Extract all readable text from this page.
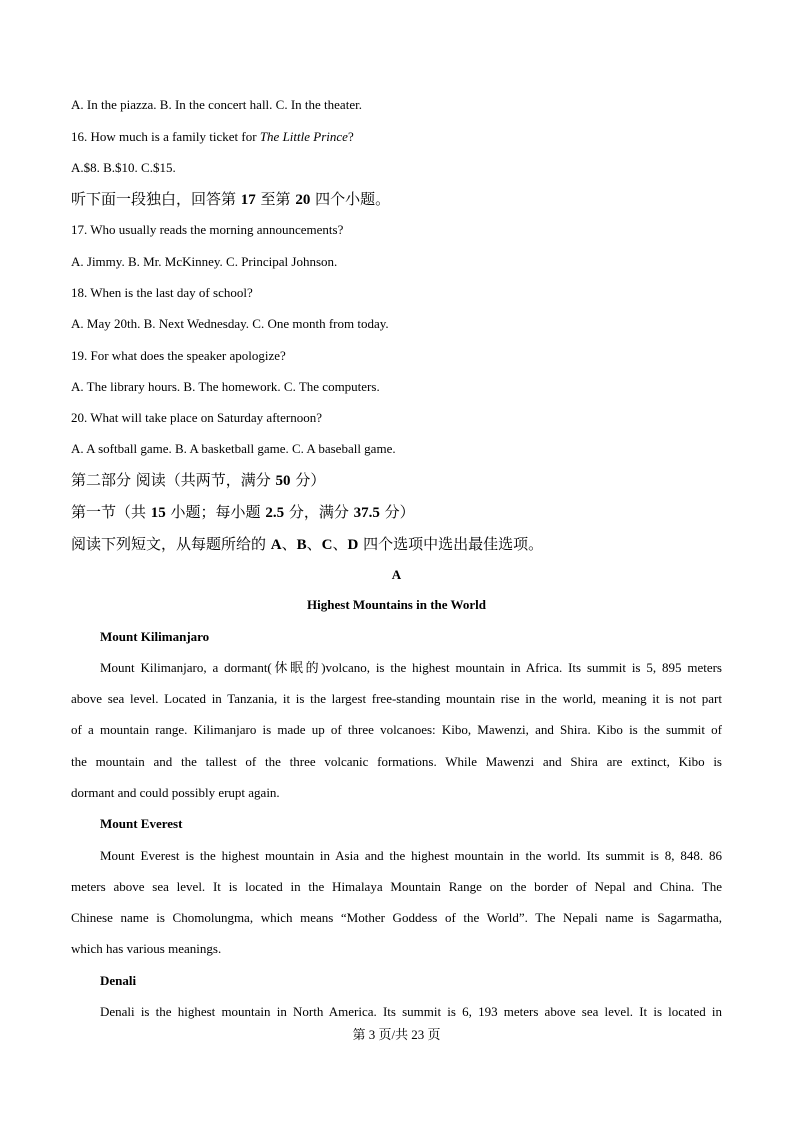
A. In the piazza. B. In the concert hall. C. In the theater.
16. How much is a family ticket for The Little Prince?
A.$8. B.$10. C.$15.
听下面一段独白，回答第 17 至第 20 四个小题。
17. Who usually reads the morning announcements?
A. Jimmy. B. Mr. McKinney. C. Principal Johnson.
18. When is the last day of school?
A. May 20th. B. Next Wednesday. C. One month from today.
19. For what does the speaker apologize?
A. The library hours. B. The homework. C. The computers.
20. What will take place on Saturday afternoon?
A. A softball game. B. A basketball game. C. A baseball game.
第二部分 阅读（共两节，满分 50 分）
第一节（共 15 小题；每小题 2.5 分，满分 37.5 分）
阅读下列短文，从每题所给的 A、B、C、D 四个选项中选出最佳选项。
A
Highest Mountains in the World
Mount Kilimanjaro
Mount Kilimanjaro, a dormant(休眠的)volcano, is the highest mountain in Africa. Its summit is 5, 895 meters
above sea level. Located in Tanzania, it is the largest free-standing mountain rise in the world, meaning it is not part
of a mountain range. Kilimanjaro is made up of three volcanoes: Kibo, Mawenzi, and Shira. Kibo is the summit of
the mountain and the tallest of the three volcanic formations. While Mawenzi and Shira are extinct, Kibo is
dormant and could possibly erupt again.
Mount Everest
Mount Everest is the highest mountain in Asia and the highest mountain in the world. Its summit is 8, 848. 86
meters above sea level. It is located in the Himalaya Mountain Range on the border of Nepal and China. The
Chinese name is Chomolungma, which means “Mother Goddess of the World”. The Nepali name is Sagarmatha,
which has various meanings.
Denali
Denali is the highest mountain in North America. Its summit is 6, 193 meters above sea level. It is located in
第 3 页/共 23 页
